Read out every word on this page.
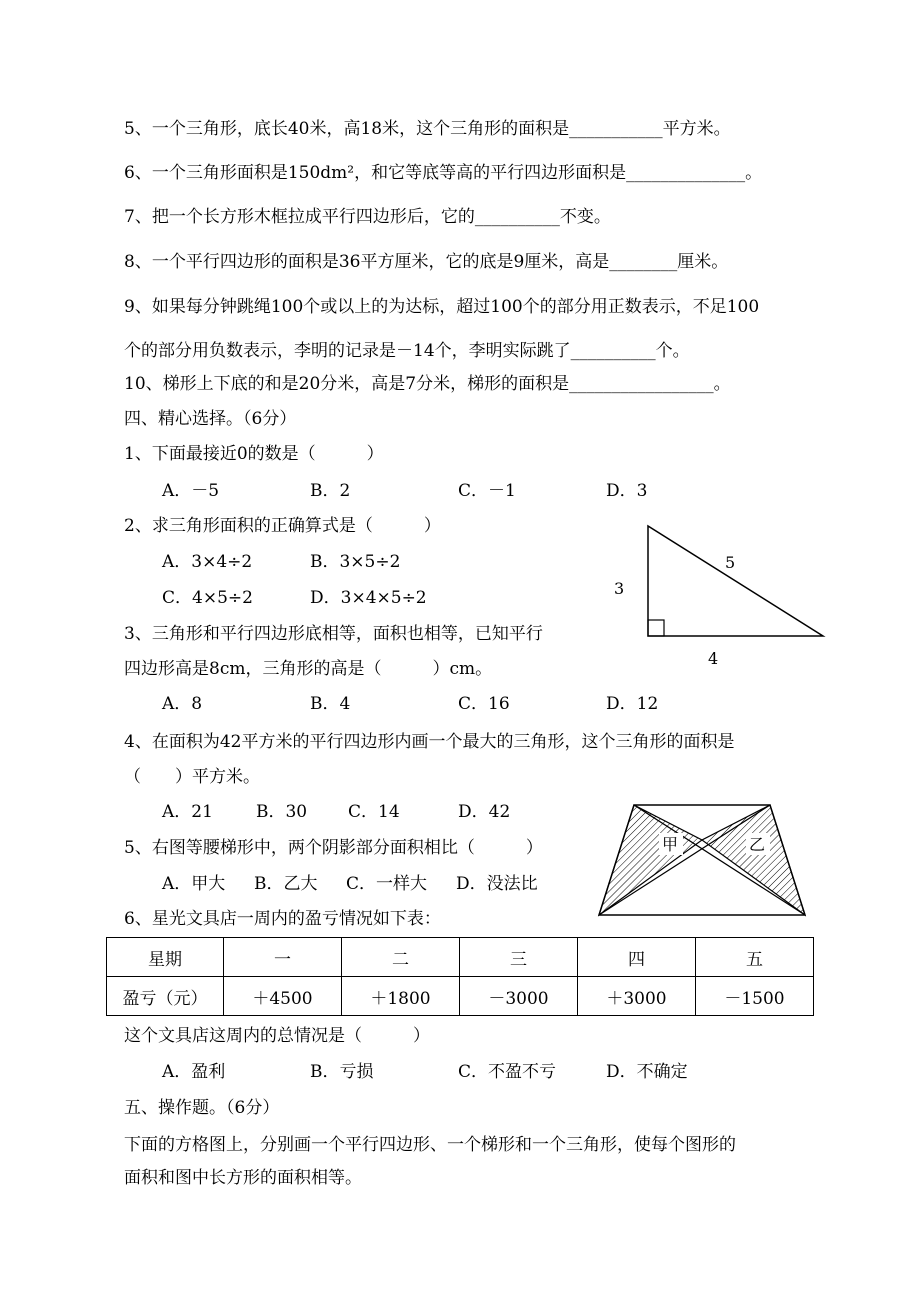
5、一个三角形，底长40米，高18米，这个三角形的面积是___________平方米。
6、一个三角形面积是150dm²，和它等底等高的平行四边形面积是______________。
7、把一个长方形木框拉成平行四边形后，它的__________不变。
8、一个平行四边形的面积是36平方厘米，它的底是9厘米，高是________厘米。
9、如果每分钟跳绳100个或以上的为达标，超过100个的部分用正数表示，不足100
个的部分用负数表示，李明的记录是－14个，李明实际跳了__________个。
10、梯形上下底的和是20分米，高是7分米，梯形的面积是_________________。
四、精心选择。（6分）
1、下面最接近0的数是（　　　）
A．－5	B．2	C．－1	D．3
2、求三角形面积的正确算式是（　　　）
A．3×4÷2	B．3×5÷2
C．4×5÷2	D．3×4×5÷2
5
3
4
3、三角形和平行四边形底相等，面积也相等，已知平行
四边形高是8cm，三角形的高是（　　　）cm。
A．8	B．4	C．16	D．12
4、在面积为42平方米的平行四边形内画一个最大的三角形，这个三角形的面积是
（　　）平方米。
A．21	B．30 C．14	D．42
甲	乙
5、右图等腰梯形中，两个阴影部分面积相比（　　　）
A．甲大 B．乙大 C．一样大 D．没法比
6、星光文具店一周内的盈亏情况如下表：
星期	一	二	三	四	五
盈亏（元）	＋4500	＋1800	－3000	＋3000	－1500
这个文具店这周内的总情况是（　　　）
A．盈利	B．亏损	C．不盈不亏	D．不确定
五、操作题。（6分）
下面的方格图上，分别画一个平行四边形、一个梯形和一个三角形，使每个图形的
面积和图中长方形的面积相等。
